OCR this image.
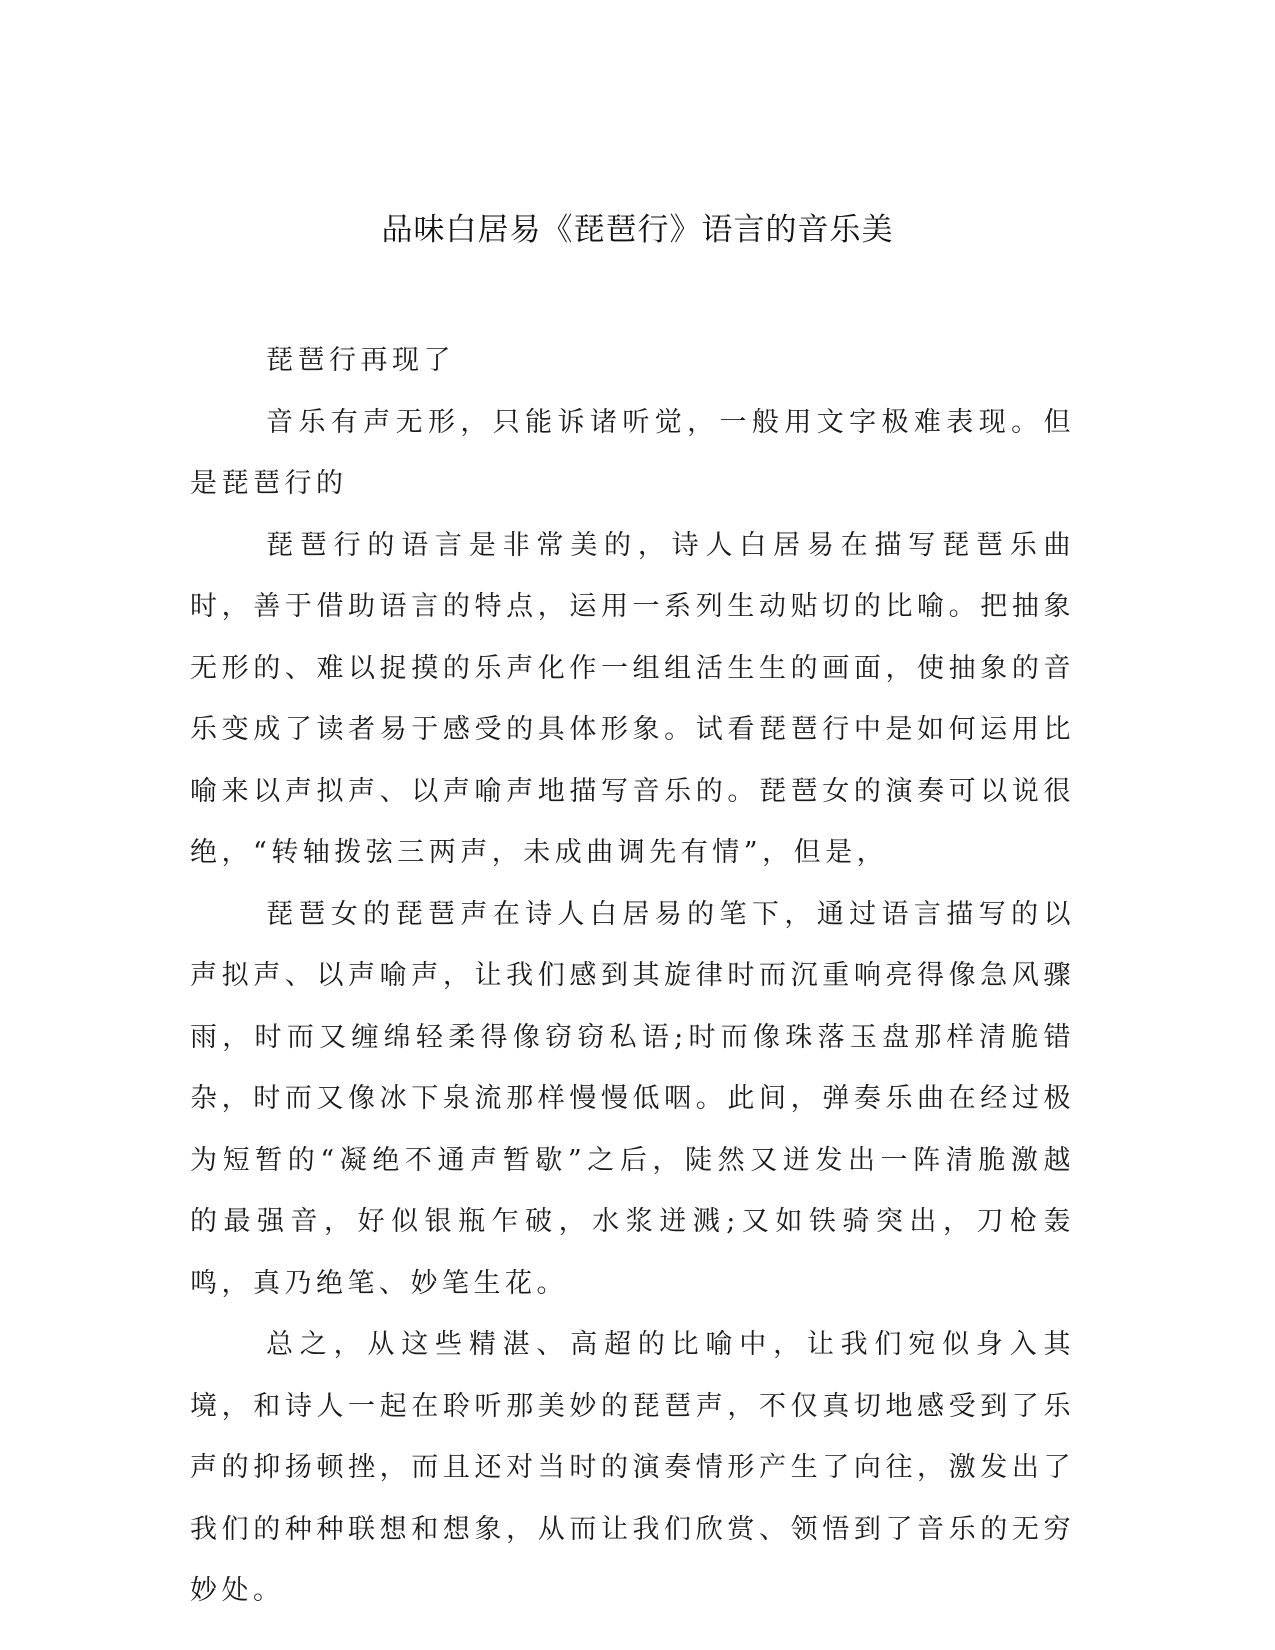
品味白居易《琵琶行》语言的音乐美

琵琶行再现了

音乐有声无形，只能诉诸听觉，一般用文字极难表现。但是琵琶行的

琵琶行的语言是非常美的，诗人白居易在描写琵琶乐曲时，善于借助语言的特点，运用一系列生动贴切的比喻。把抽象无形的、难以捉摸的乐声化作一组组活生生的画面，使抽象的音乐变成了读者易于感受的具体形象。试看琵琶行中是如何运用比喻来以声拟声、以声喻声地描写音乐的。琵琶女的演奏可以说很绝，“转轴拨弦三两声，未成曲调先有情”，但是，

琵琶女的琵琶声在诗人白居易的笔下，通过语言描写的以声拟声、以声喻声，让我们感到其旋律时而沉重响亮得像急风骤雨，时而又缠绵轻柔得像窃窃私语;时而像珠落玉盘那样清脆错杂，时而又像冰下泉流那样慢慢低咽。此间，弹奏乐曲在经过极为短暂的“凝绝不通声暂歇”之后，陡然又迸发出一阵清脆激越的最强音，好似银瓶乍破，水浆迸溅;又如铁骑突出，刀枪轰鸣，真乃绝笔、妙笔生花。

总之，从这些精湛、高超的比喻中，让我们宛似身入其境，和诗人一起在聆听那美妙的琵琶声，不仅真切地感受到了乐声的抑扬顿挫，而且还对当时的演奏情形产生了向往，激发出了我们的种种联想和想象，从而让我们欣赏、领悟到了音乐的无穷妙处。
